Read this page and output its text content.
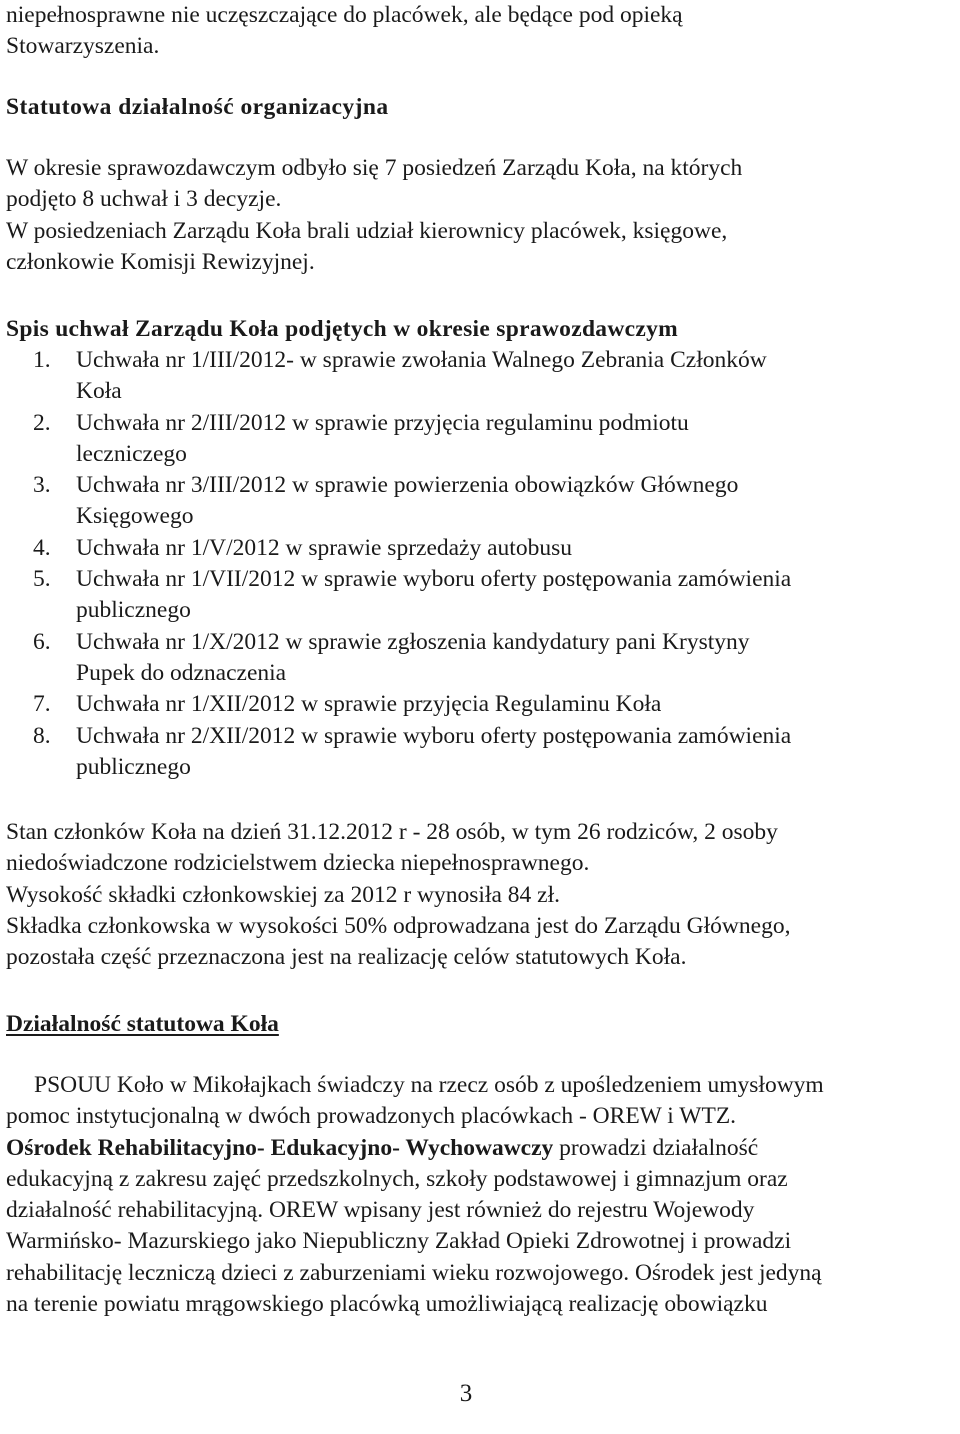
niepełnosprawne nie uczęszczające do placówek, ale będące pod opieką

Stowarzyszenia.

Statutowa działalność organizacyjna

W okresie sprawozdawczym odbyło się 7 posiedzeń Zarządu Koła, na których

podjęto 8 uchwał i 3 decyzje.

W posiedzeniach Zarządu Koła brali udział kierownicy placówek, księgowe,

członkowie Komisji Rewizyjnej.

Spis uchwał Zarządu Koła podjętych w okresie sprawozdawczym

1. Uchwała nr 1/III/2012- w sprawie zwołania Walnego Zebrania Członków
Koła
2. Uchwała nr 2/III/2012 w sprawie przyjęcia regulaminu podmiotu
leczniczego
3. Uchwała nr 3/III/2012 w sprawie powierzenia obowiązków Głównego
Księgowego
4. Uchwała nr 1/V/2012 w sprawie sprzedaży autobusu
5. Uchwała nr 1/VII/2012 w sprawie wyboru oferty postępowania zamówienia
publicznego
6. Uchwała nr 1/X/2012 w sprawie zgłoszenia kandydatury pani Krystyny
Pupek do odznaczenia
7. Uchwała nr 1/XII/2012 w sprawie przyjęcia Regulaminu Koła
8. Uchwała nr 2/XII/2012 w sprawie wyboru oferty postępowania zamówienia
publicznego

Stan członków Koła na dzień 31.12.2012 r - 28 osób, w tym 26 rodziców, 2 osoby

niedoświadczone rodzicielstwem dziecka niepełnosprawnego.

Wysokość składki członkowskiej za 2012 r wynosiła 84 zł.

Składka członkowska w wysokości 50% odprowadzana jest do Zarządu Głównego,

pozostała część przeznaczona jest na realizację celów statutowych Koła.

Działalność statutowa Koła

PSOUU Koło w Mikołajkach świadczy na rzecz osób z upośledzeniem umysłowym

pomoc instytucjonalną w dwóch prowadzonych placówkach - OREW i WTZ.

Ośrodek Rehabilitacyjno- Edukacyjno- Wychowawczy prowadzi działalność

edukacyjną z zakresu zajęć przedszkolnych, szkoły podstawowej i gimnazjum oraz

działalność rehabilitacyjną. OREW wpisany jest również do rejestru Wojewody

Warmińsko- Mazurskiego jako Niepubliczny Zakład Opieki Zdrowotnej i prowadzi

rehabilitację leczniczą dzieci z zaburzeniami wieku rozwojowego. Ośrodek jest jedyną

na terenie powiatu mrągowskiego placówką umożliwiającą realizację obowiązku

3
